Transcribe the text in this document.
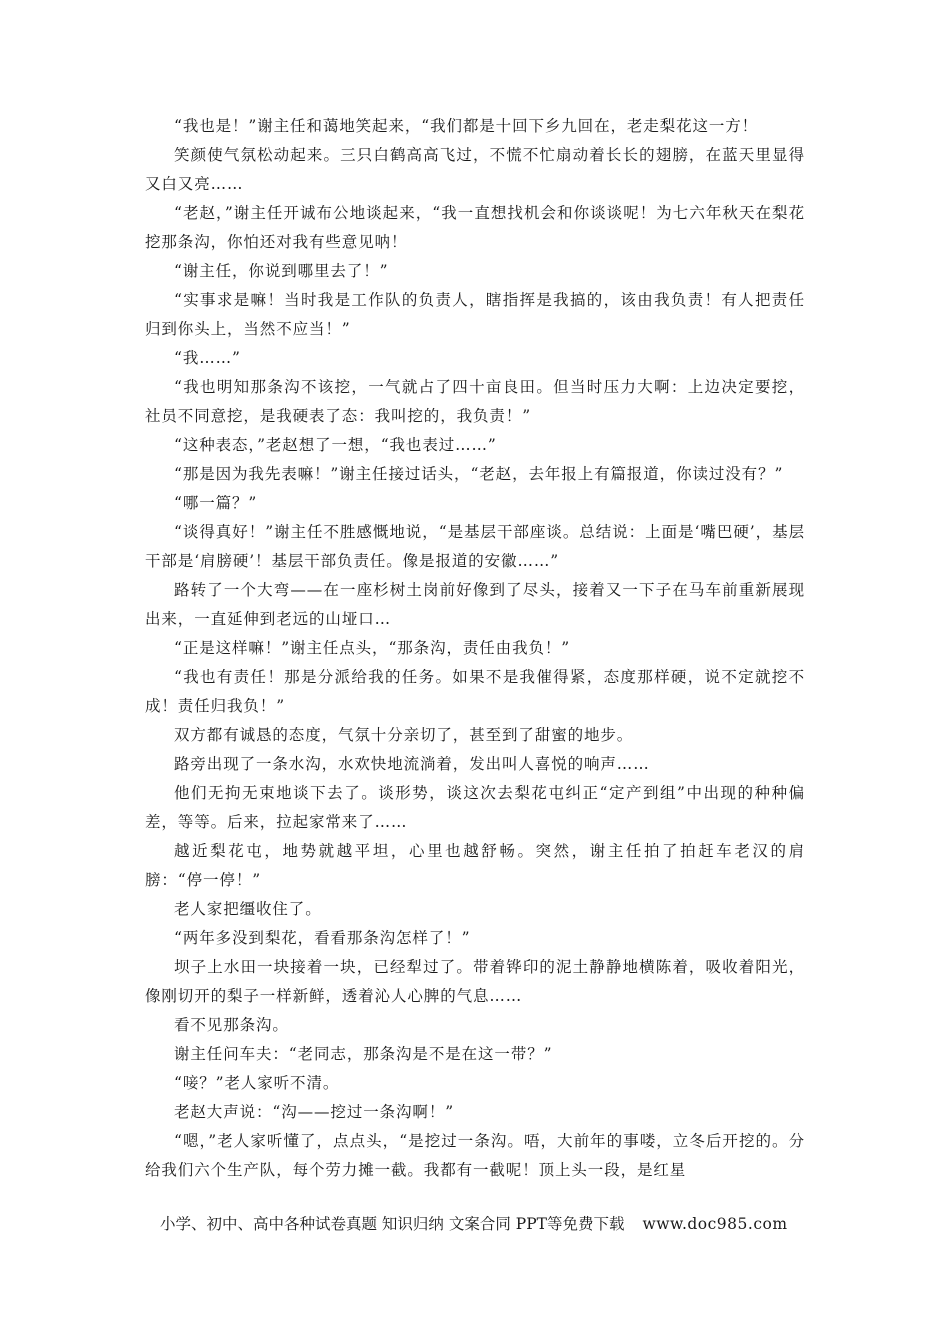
“我也是！”谢主任和蔼地笑起来，“我们都是十回下乡九回在，老走梨花这一方！

笑颜使气氛松动起来。三只白鹤高高飞过，不慌不忙扇动着长长的翅膀，在蓝天里显得又白又亮……

“老赵，”谢主任开诚布公地谈起来，“我一直想找机会和你谈谈呢！为七六年秋天在梨花挖那条沟，你怕还对我有些意见呐！

“谢主任，你说到哪里去了！”

“实事求是嘛！当时我是工作队的负责人，瞎指挥是我搞的，该由我负责！有人把责任归到你头上，当然不应当！”

“我……”

“我也明知那条沟不该挖，一气就占了四十亩良田。但当时压力大啊：上边决定要挖，社员不同意挖，是我硬表了态：我叫挖的，我负责！”

“这种表态，”老赵想了一想，“我也表过……”

“那是因为我先表嘛！”谢主任接过话头，“老赵，去年报上有篇报道，你读过没有？”

“哪一篇？”

“谈得真好！”谢主任不胜感慨地说，“是基层干部座谈。总结说：上面是‘嘴巴硬’，基层干部是‘肩膀硬’！基层干部负责任。像是报道的安徽……”

路转了一个大弯——在一座杉树土岗前好像到了尽头，接着又一下子在马车前重新展现出来，一直延伸到老远的山垭口…

“正是这样嘛！”谢主任点头，“那条沟，责任由我负！”

“我也有责任！那是分派给我的任务。如果不是我催得紧，态度那样硬，说不定就挖不成！责任归我负！”

双方都有诚恳的态度，气氛十分亲切了，甚至到了甜蜜的地步。

路旁出现了一条水沟，水欢快地流淌着，发出叫人喜悦的响声……

他们无拘无束地谈下去了。谈形势，谈这次去梨花屯纠正“定产到组”中出现的种种偏差，等等。后来，拉起家常来了……

越近梨花屯，地势就越平坦，心里也越舒畅。突然，谢主任拍了拍赶车老汉的肩膀：“停一停！”

老人家把缰收住了。

“两年多没到梨花，看看那条沟怎样了！”

坝子上水田一块接着一块，已经犁过了。带着铧印的泥土静静地横陈着，吸收着阳光，像刚切开的梨子一样新鲜，透着沁人心脾的气息……

看不见那条沟。

谢主任问车夫：“老同志，那条沟是不是在这一带？”

“唼？”老人家听不清。

老赵大声说：“沟——挖过一条沟啊！”

“嗯，”老人家听懂了，点点头，“是挖过一条沟。唔，大前年的事喽，立冬后开挖的。分给我们六个生产队，每个劳力摊一截。我都有一截呢！顶上头一段，是红星

小学、初中、高中各种试卷真题 知识归纳 文案合同 PPT等免费下载 www.doc985.com
